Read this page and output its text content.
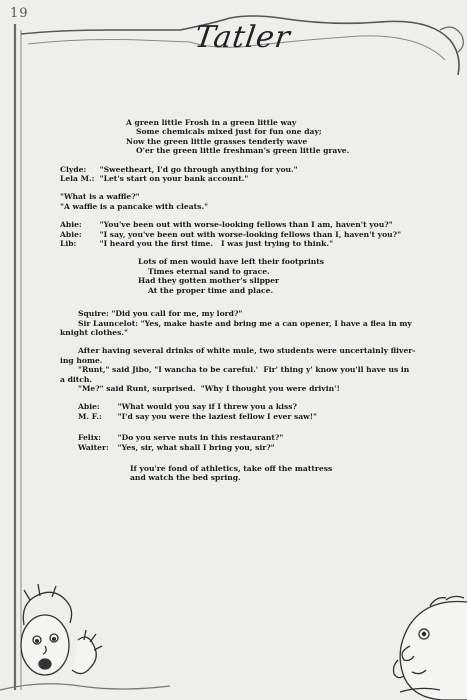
19
Tatler

A green little Frosh in a green little way

Some chemicals mixed just for fun one day;

Now the green little grasses tenderly wave

O'er the green little freshman's green little grave.

Clyde: "Sweetheart, I'd go through anything for you."

Lela M.: "Let's start on your bank account."

"What is a waffle?"

"A waffle is a pancake with cleats."

Abie: "You've been out with worse-looking fellows than I am, haven't you?"

Abie: "I say, you've been out with worse-looking fellows than I, haven't you?"

Lib:	"I heard you the first time.   I was just trying to think."

Lots of men would have left their footprints

Times eternal sand to grace.

Had they gotten mother's slipper

At the proper time and place.

Squire: "Did you call for me, my lord?"

Sir Launcelot: "Yes, make haste and bring me a can opener, I have a flea in my

knight clothes."

After having several drinks of white mule, two students were uncertainly fliver-

ing home.

"Runt," said Jibo, "I wancha to be careful.'  Fir' thing y' know you'll have us in

a ditch.

"Me?" said Runt, surprised.  "Why I thought you were drivin'!

Abie: "What would you say if I threw you a kiss?

M. F.: "I'd say you were the laziest fellow I ever saw!"

Felix: "Do you serve nuts in this restaurant?"

Waiter: "Yes, sir, what shall I bring you, sir?"

If you're fond of athletics, take off the mattress

and watch the bed spring.
